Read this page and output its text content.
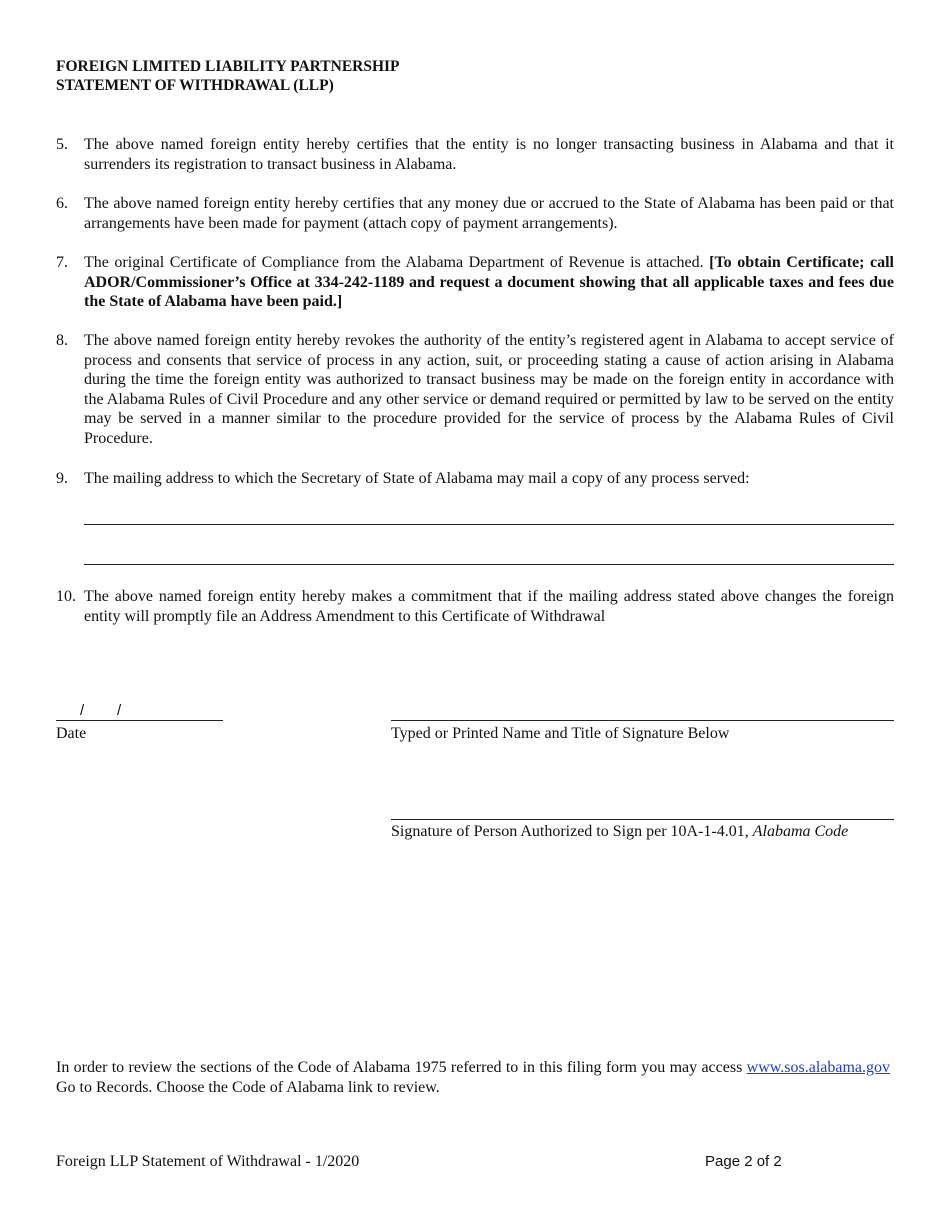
FOREIGN LIMITED LIABILITY PARTNERSHIP
STATEMENT OF WITHDRAWAL (LLP)
5. The above named foreign entity hereby certifies that the entity is no longer transacting business in Alabama and that it surrenders its registration to transact business in Alabama.
6. The above named foreign entity hereby certifies that any money due or accrued to the State of Alabama has been paid or that arrangements have been made for payment (attach copy of payment arrangements).
7. The original Certificate of Compliance from the Alabama Department of Revenue is attached. [To obtain Certificate; call ADOR/Commissioner’s Office at 334-242-1189 and request a document showing that all applicable taxes and fees due the State of Alabama have been paid.]
8. The above named foreign entity hereby revokes the authority of the entity’s registered agent in Alabama to accept service of process and consents that service of process in any action, suit, or proceeding stating a cause of action arising in Alabama during the time the foreign entity was authorized to transact business may be made on the foreign entity in accordance with the Alabama Rules of Civil Procedure and any other service or demand required or permitted by law to be served on the entity may be served in a manner similar to the procedure provided for the service of process by the Alabama Rules of Civil Procedure.
9. The mailing address to which the Secretary of State of Alabama may mail a copy of any process served:
10. The above named foreign entity hereby makes a commitment that if the mailing address stated above changes the foreign entity will promptly file an Address Amendment to this Certificate of Withdrawal
/ /
Date	Typed or Printed Name and Title of Signature Below
Signature of Person Authorized to Sign per 10A-1-4.01, Alabama Code
In order to review the sections of the Code of Alabama 1975 referred to in this filing form you may access www.sos.alabama.gov  Go to Records. Choose the Code of Alabama link to review.
Foreign LLP Statement of Withdrawal - 1/2020	Page 2 of 2
